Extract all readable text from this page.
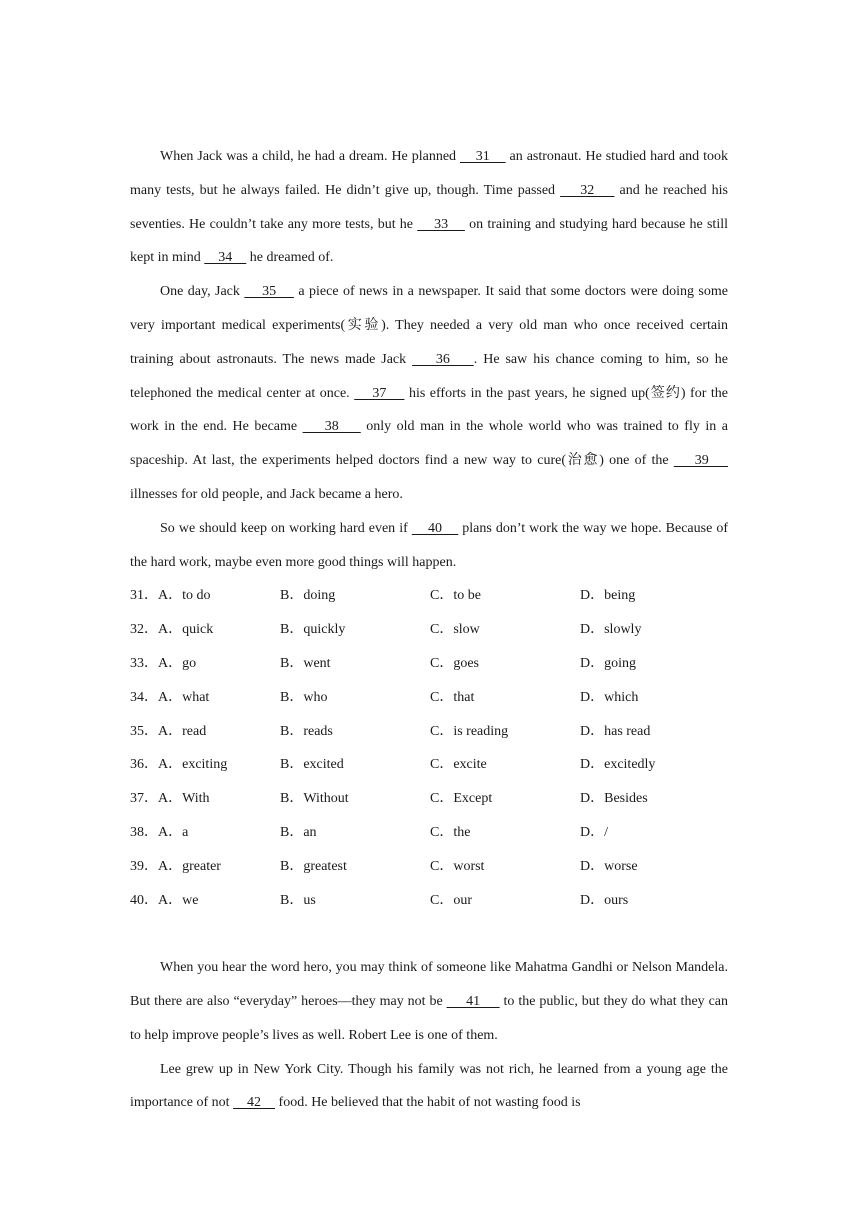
When Jack was a child, he had a dream. He planned     31     an astronaut. He studied hard and took many tests, but he always failed. He didn’t give up, though. Time passed     32     and he reached his seventies. He couldn’t take any more tests, but he     33     on training and studying hard because he still kept in mind     34     he dreamed of.

One day, Jack     35     a piece of news in a newspaper. It said that some doctors were doing some very important medical experiments(实验). They needed a very old man who once received certain training about astronauts. The news made Jack     36    . He saw his chance coming to him, so he telephoned the medical center at once.     37     his efforts in the past years, he signed up(签约) for the work in the end. He became     38     only old man in the whole world who was trained to fly in a spaceship. At last, the experiments helped doctors find a new way to cure(治愈) one of the     39     illnesses for old people, and Jack became a hero.

So we should keep on working hard even if     40     plans don’t work the way we hope. Because of the hard work, maybe even more good things will happen.

31．A．to do	B．doing	C．to be	D．being
32．A．quick	B．quickly	C．slow	D．slowly
33．A．go	B．went	C．goes	D．going
34．A．what	B．who	C．that	D．which
35．A．read	B．reads	C．is reading	D．has read
36．A．exciting	B．excited	C．excite	D．excitedly
37．A．With	B．Without	C．Except	D．Besides
38．A．a	B．an	C．the	D．/
39．A．greater	B．greatest	C．worst	D．worse
40．A．we	B．us	C．our	D．ours

When you hear the word hero, you may think of someone like Mahatma Gandhi or Nelson Mandela. But there are also “everyday” heroes—they may not be      41      to the public, but they do what they can to help improve people’s lives as well. Robert Lee is one of them.

Lee grew up in New York City. Though his family was not rich, he learned from a young age the importance of not     42     food. He believed that the habit of not wasting food is
